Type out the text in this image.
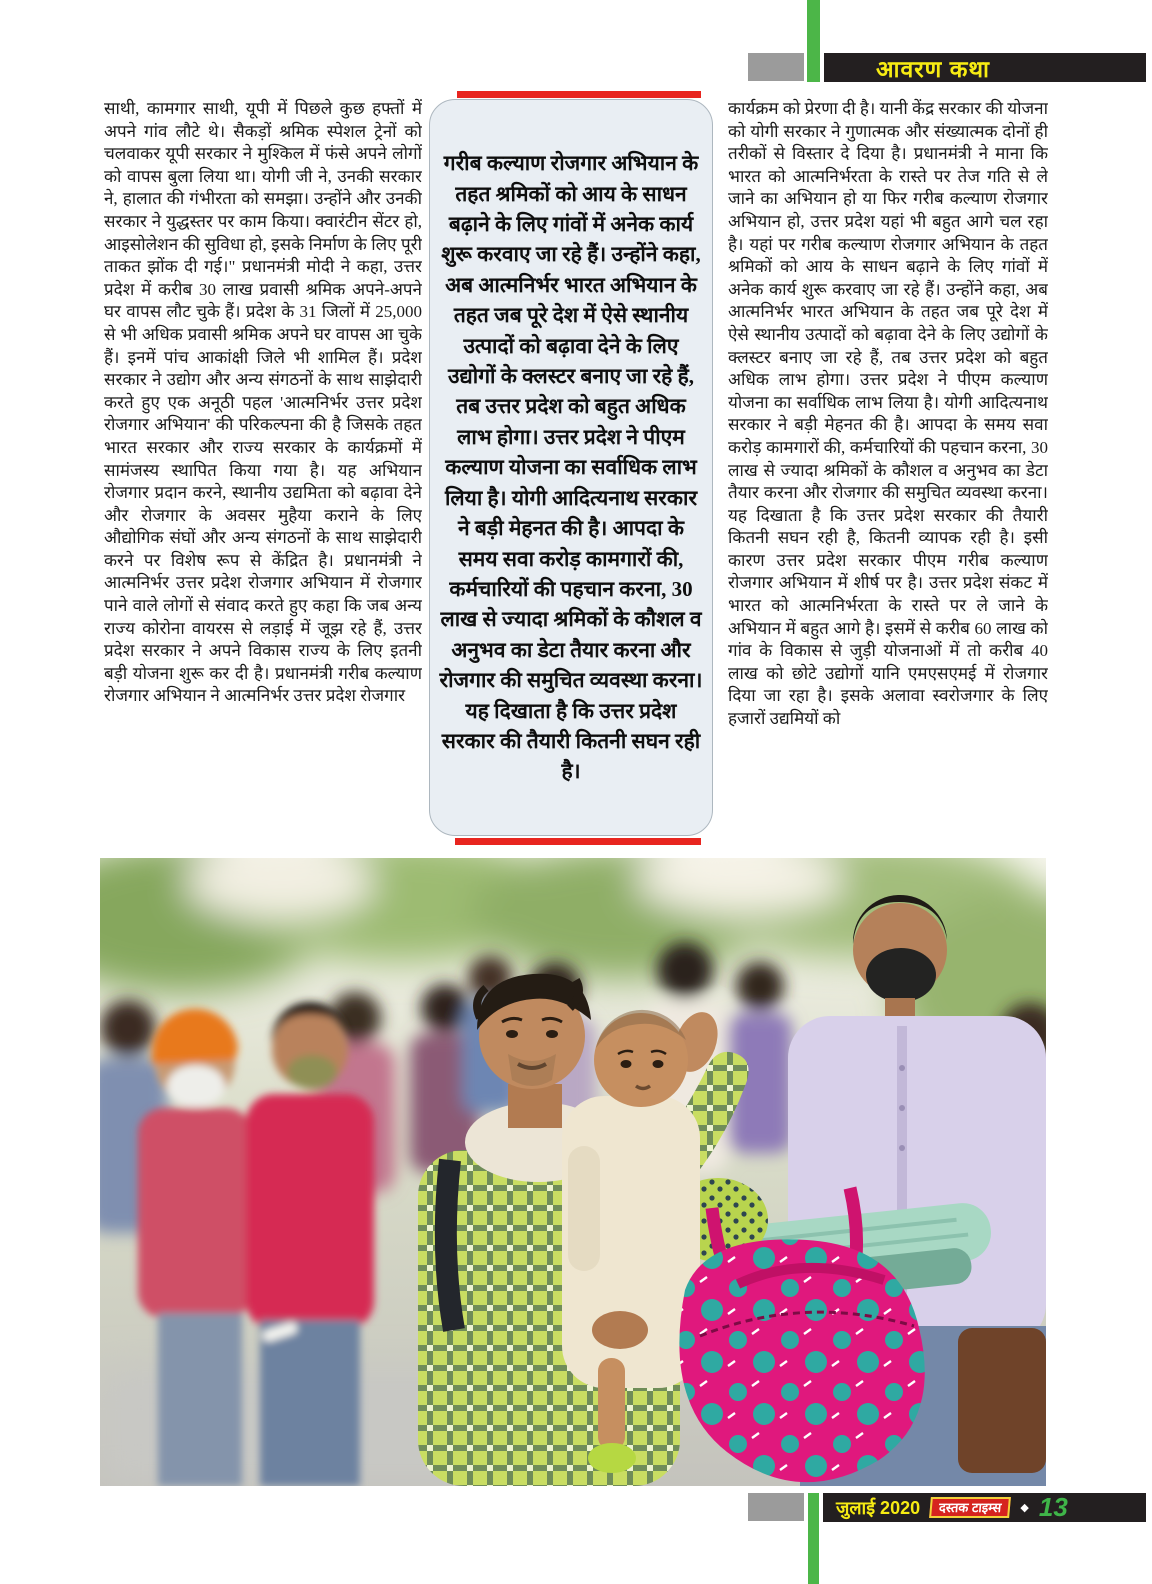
आवरण कथा
साथी, कामगार साथी, यूपी में पिछले कुछ हफ्तों में अपने गांव लौटे थे। सैकड़ों श्रमिक स्पेशल ट्रेनों को चलवाकर यूपी सरकार ने मुश्किल में फंसे अपने लोगों को वापस बुला लिया था। योगी जी ने, उनकी सरकार ने, हालात की गंभीरता को समझा। उन्होंने और उनकी सरकार ने युद्धस्तर पर काम किया। क्वारंटीन सेंटर हो, आइसोलेशन की सुविधा हो, इसके निर्माण के लिए पूरी ताकत झोंक दी गई।" प्रधानमंत्री मोदी ने कहा, उत्तर प्रदेश में करीब 30 लाख प्रवासी श्रमिक अपने-अपने घर वापस लौट चुके हैं। प्रदेश के 31 जिलों में 25,000 से भी अधिक प्रवासी श्रमिक अपने घर वापस आ चुके हैं। इनमें पांच आकांक्षी जिले भी शामिल हैं। प्रदेश सरकार ने उद्योग और अन्य संगठनों के साथ साझेदारी करते हुए एक अनूठी पहल 'आत्मनिर्भर उत्तर प्रदेश रोजगार अभियान' की परिकल्पना की है जिसके तहत भारत सरकार और राज्य सरकार के कार्यक्रमों में सामंजस्य स्थापित किया गया है। यह अभियान रोजगार प्रदान करने, स्थानीय उद्यमिता को बढ़ावा देने और रोजगार के अवसर मुहैया कराने के लिए औद्योगिक संघों और अन्य संगठनों के साथ साझेदारी करने पर विशेष रूप से केंद्रित है। प्रधानमंत्री ने आत्मनिर्भर उत्तर प्रदेश रोजगार अभियान में रोजगार पाने वाले लोगों से संवाद करते हुए कहा कि जब अन्य राज्य कोरोना वायरस से लड़ाई में जूझ रहे हैं, उत्तर प्रदेश सरकार ने अपने विकास राज्य के लिए इतनी बड़ी योजना शुरू कर दी है। प्रधानमंत्री गरीब कल्याण रोजगार अभियान ने आत्मनिर्भर उत्तर प्रदेश रोजगार
गरीब कल्याण रोजगार अभियान के तहत श्रमिकों को आय के साधन बढ़ाने के लिए गांवों में अनेक कार्य शुरू करवाए जा रहे हैं। उन्होंने कहा, अब आत्मनिर्भर भारत अभियान के तहत जब पूरे देश में ऐसे स्थानीय उत्पादों को बढ़ावा देने के लिए उद्योगों के क्लस्टर बनाए जा रहे हैं, तब उत्तर प्रदेश को बहुत अधिक लाभ होगा। उत्तर प्रदेश ने पीएम कल्याण योजना का सर्वाधिक लाभ लिया है। योगी आदित्यनाथ सरकार ने बड़ी मेहनत की है। आपदा के समय सवा करोड़ कामगारों की, कर्मचारियों की पहचान करना, 30 लाख से ज्यादा श्रमिकों के कौशल व अनुभव का डेटा तैयार करना और रोजगार की समुचित व्यवस्था करना। यह दिखाता है कि उत्तर प्रदेश सरकार की तैयारी कितनी सघन रही है।
कार्यक्रम को प्रेरणा दी है। यानी केंद्र सरकार की योजना को योगी सरकार ने गुणात्मक और संख्यात्मक दोनों ही तरीकों से विस्तार दे दिया है। प्रधानमंत्री ने माना कि भारत को आत्मनिर्भरता के रास्ते पर तेज गति से ले जाने का अभियान हो या फिर गरीब कल्याण रोजगार अभियान हो, उत्तर प्रदेश यहां भी बहुत आगे चल रहा है। यहां पर गरीब कल्याण रोजगार अभियान के तहत श्रमिकों को आय के साधन बढ़ाने के लिए गांवों में अनेक कार्य शुरू करवाए जा रहे हैं। उन्होंने कहा, अब आत्मनिर्भर भारत अभियान के तहत जब पूरे देश में ऐसे स्थानीय उत्पादों को बढ़ावा देने के लिए उद्योगों के क्लस्टर बनाए जा रहे हैं, तब उत्तर प्रदेश को बहुत अधिक लाभ होगा। उत्तर प्रदेश ने पीएम कल्याण योजना का सर्वाधिक लाभ लिया है। योगी आदित्यनाथ सरकार ने बड़ी मेहनत की है। आपदा के समय सवा करोड़ कामगारों की, कर्मचारियों की पहचान करना, 30 लाख से ज्यादा श्रमिकों के कौशल व अनुभव का डेटा तैयार करना और रोजगार की समुचित व्यवस्था करना। यह दिखाता है कि उत्तर प्रदेश सरकार की तैयारी कितनी सघन रही है, कितनी व्यापक रही है। इसी कारण उत्तर प्रदेश सरकार पीएम गरीब कल्याण रोजगार अभियान में शीर्ष पर है। उत्तर प्रदेश संकट में भारत को आत्मनिर्भरता के रास्ते पर ले जाने के अभियान में बहुत आगे है। इसमें से करीब 60 लाख को गांव के विकास से जुड़ी योजनाओं में तो करीब 40 लाख को छोटे उद्योगों यानि एमएसएमई में रोजगार दिया जा रहा है। इसके अलावा स्वरोजगार के लिए हजारों उद्यमियों को
जुलाई 2020	दस्तक टाइम्स	◆ 13
